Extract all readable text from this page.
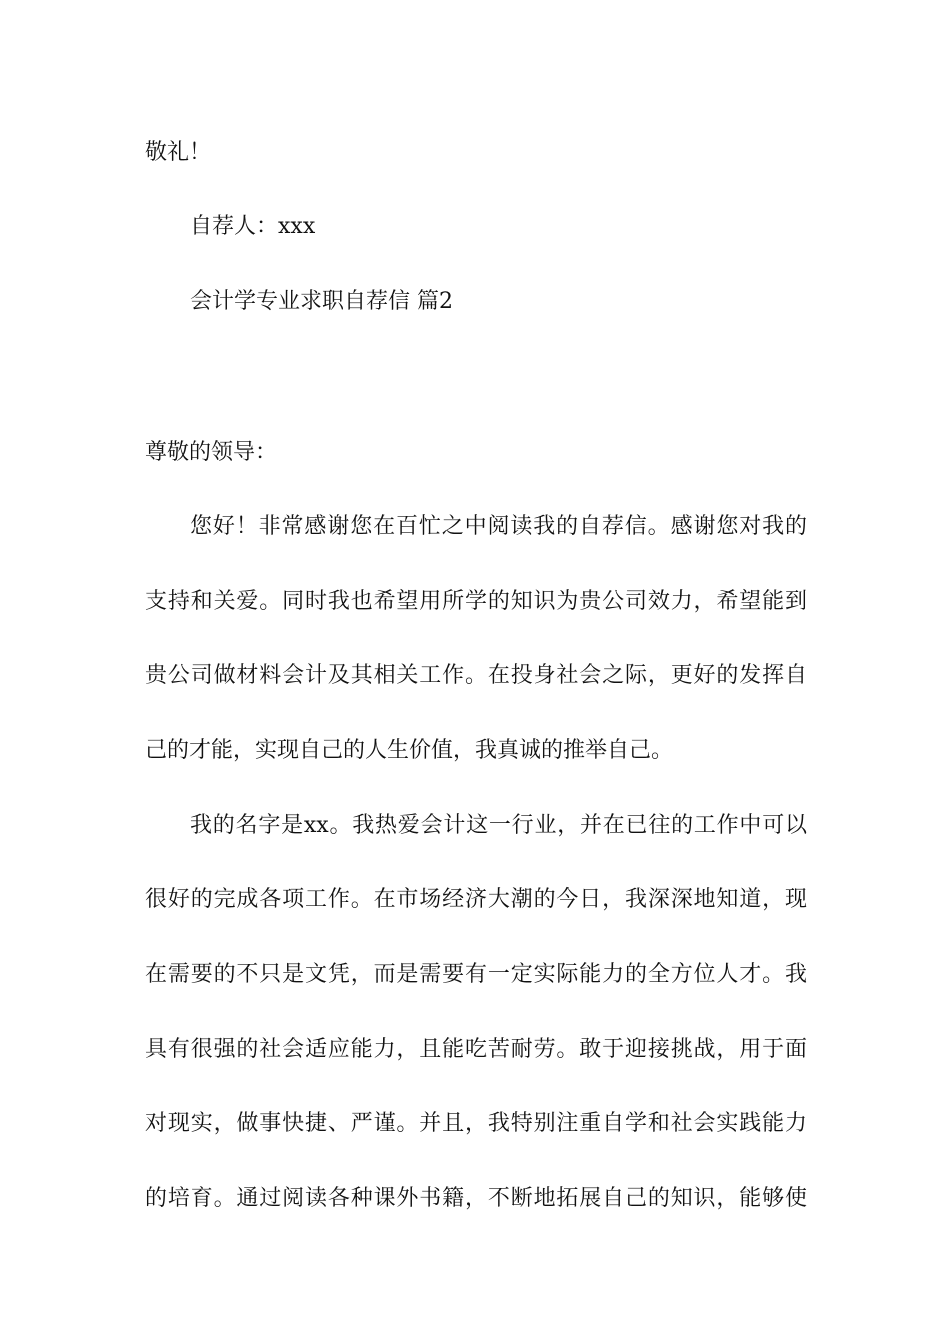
敬礼！
自荐人：xxx
会计学专业求职自荐信 篇2
尊敬的领导：
您好！非常感谢您在百忙之中阅读我的自荐信。感谢您对我的
支持和关爱。同时我也希望用所学的知识为贵公司效力，希望能到
贵公司做材料会计及其相关工作。在投身社会之际，更好的发挥自
己的才能，实现自己的人生价值，我真诚的推举自己。
我的名字是xx。我热爱会计这一行业，并在已往的工作中可以
很好的完成各项工作。在市场经济大潮的今日，我深深地知道，现
在需要的不只是文凭，而是需要有一定实际能力的全方位人才。我
具有很强的社会适应能力，且能吃苦耐劳。敢于迎接挑战，用于面
对现实，做事快捷、严谨。并且，我特别注重自学和社会实践能力
的培育。通过阅读各种课外书籍，不断地拓展自己的知识，能够使
